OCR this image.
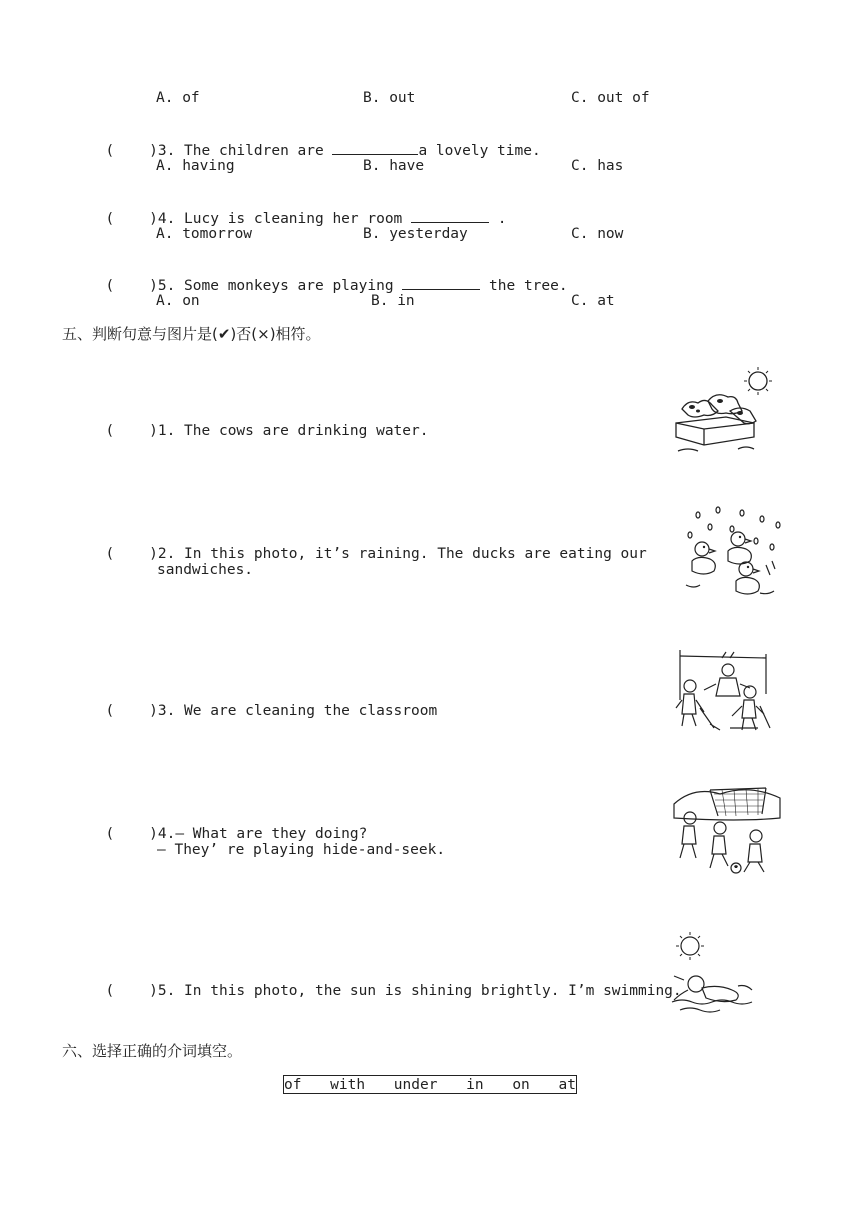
A. of	B. out	C. out of

(    )3. The children are	a lovely time.

A. having	B. have	C. has

(    )4. Lucy is cleaning her room	.

A. tomorrow	B. yesterday	C. now

(    )5. Some monkeys are playing	the tree.

A. on	B. in	C. at
五、判断句意与图片是(✔)否(×)相符。

(    )1. The cows are drinking water.

(    )2. In this photo, it’s raining. The ducks are eating our

sandwiches.

(    )3. We are cleaning the classroom

(    )4.— What are they doing?

— They’ re playing hide-and-seek.

(    )5. In this photo, the sun is shining brightly. I’m swimming.

六、选择正确的介词填空。
of with under in on at
